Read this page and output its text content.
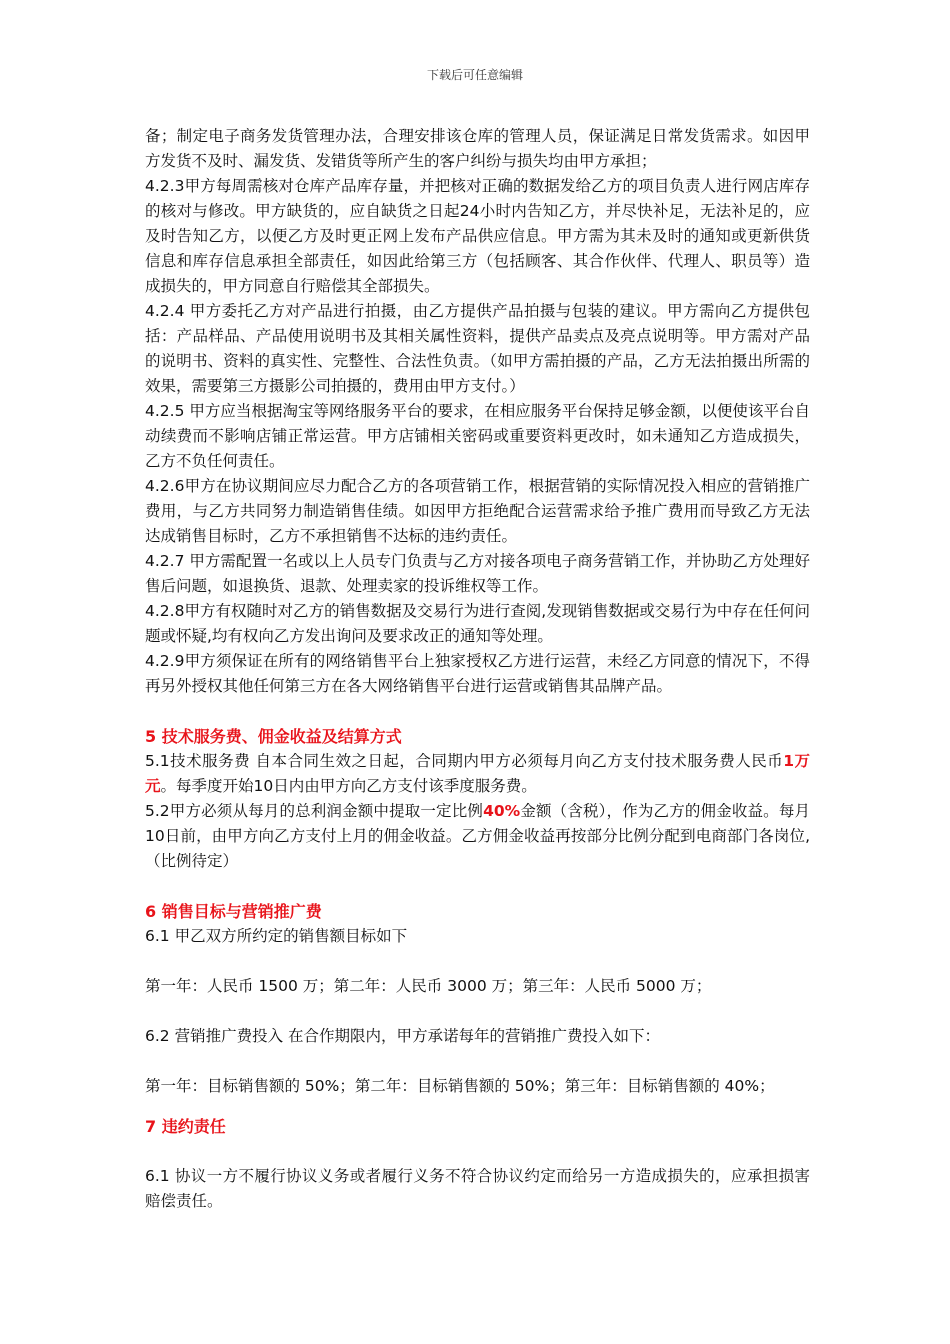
下载后可任意编辑

备；制定电子商务发货管理办法，合理安排该仓库的管理人员，保证满足日常发货需求。如因甲方发货不及时、漏发货、发错货等所产生的客户纠纷与损失均由甲方承担；

4.2.3甲方每周需核对仓库产品库存量，并把核对正确的数据发给乙方的项目负责人进行网店库存的核对与修改。甲方缺货的，应自缺货之日起24小时内告知乙方，并尽快补足，无法补足的，应及时告知乙方，以便乙方及时更正网上发布产品供应信息。甲方需为其未及时的通知或更新供货信息和库存信息承担全部责任，如因此给第三方（包括顾客、其合作伙伴、代理人、职员等）造成损失的，甲方同意自行赔偿其全部损失。

4.2.4 甲方委托乙方对产品进行拍摄，由乙方提供产品拍摄与包装的建议。甲方需向乙方提供包括：产品样品、产品使用说明书及其相关属性资料，提供产品卖点及亮点说明等。甲方需对产品的说明书、资料的真实性、完整性、合法性负责。（如甲方需拍摄的产品，乙方无法拍摄出所需的效果，需要第三方摄影公司拍摄的，费用由甲方支付。）

4.2.5 甲方应当根据淘宝等网络服务平台的要求，在相应服务平台保持足够金额，以便使该平台自动续费而不影响店铺正常运营。甲方店铺相关密码或重要资料更改时，如未通知乙方造成损失，乙方不负任何责任。

4.2.6甲方在协议期间应尽力配合乙方的各项营销工作，根据营销的实际情况投入相应的营销推广费用，与乙方共同努力制造销售佳绩。如因甲方拒绝配合运营需求给予推广费用而导致乙方无法达成销售目标时，乙方不承担销售不达标的违约责任。

4.2.7 甲方需配置一名或以上人员专门负责与乙方对接各项电子商务营销工作，并协助乙方处理好售后问题，如退换货、退款、处理卖家的投诉维权等工作。

4.2.8甲方有权随时对乙方的销售数据及交易行为进行查阅,发现销售数据或交易行为中存在任何问题或怀疑,均有权向乙方发出询问及要求改正的通知等处理。

4.2.9甲方须保证在所有的网络销售平台上独家授权乙方进行运营，未经乙方同意的情况下，不得再另外授权其他任何第三方在各大网络销售平台进行运营或销售其品牌产品。

5 技术服务费、佣金收益及结算方式

5.1技术服务费 自本合同生效之日起，合同期内甲方必须每月向乙方支付技术服务费人民币1万元。每季度开始10日内由甲方向乙方支付该季度服务费。

5.2甲方必须从每月的总利润金额中提取一定比例40%金额（含税），作为乙方的佣金收益。每月10日前，由甲方向乙方支付上月的佣金收益。乙方佣金收益再按部分比例分配到电商部门各岗位,（比例待定）

6 销售目标与营销推广费

6.1 甲乙双方所约定的销售额目标如下

第一年：人民币 1500 万；第二年：人民币 3000 万；第三年：人民币 5000 万；

6.2 营销推广费投入 在合作期限内，甲方承诺每年的营销推广费投入如下：

第一年：目标销售额的 50%；第二年：目标销售额的 50%；第三年：目标销售额的 40%；

7 违约责任

6.1 协议一方不履行协议义务或者履行义务不符合协议约定而给另一方造成损失的，应承担损害赔偿责任。
